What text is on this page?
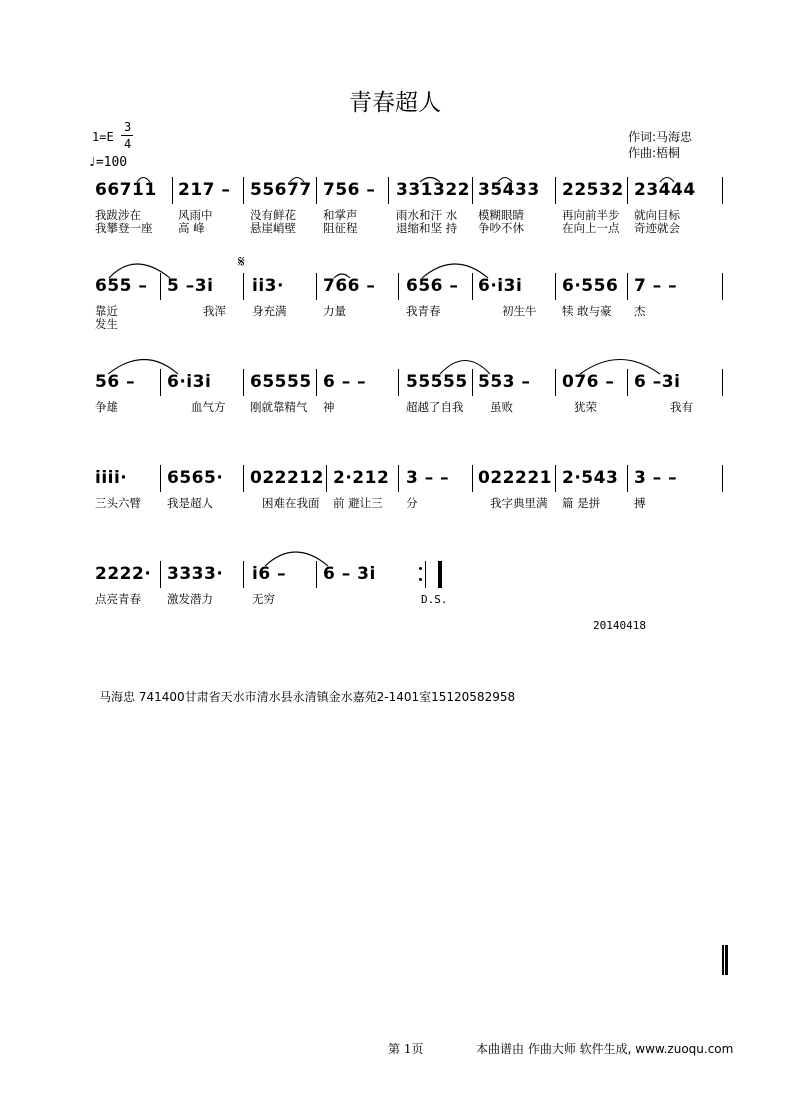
青春超人
1=E
3
4
♩=100
作词:马海忠
作曲:梧桐
66711 217 – 55677 756 – 331322 35433 22532 23444
我跋涉在	风雨中	没有鲜花 和掌声	雨水和汗 水 模糊眼睛	再向前半步 就向目标
我攀登一座 高 峰	悬崖峭壁 阻征程	退缩和坚 持 争吵不休	在向上一点 奇迹就会
𝄋
655 – 5 –3i ii3· 766 – 656 – 6·i3i 6·556 7 – –
靠近	我浑 身充满	力量	我青春	初生牛 犊 敢与豪 杰
发生
56 – 6·i3i 65555 6 – – 55555 553 – 076 – 6 –3i
争雄	血气方 刚就靠精气 神	超越了自我 虽败	犹荣	我有
iiii· 6565· 022212 2·212 3 – – 022221 2·543 3 – –
三头六臂 我是超人	困难在我面 前 避让三 分	我字典里满 篇 是拼	搏
2222· 3333· i6 – 6 – 3i
点亮青春 激发潜力	无穷	D.S.
20140418
马海忠 741400甘肃省天水市清水县永清镇金水嘉苑2-1401室15120582958
第 1页	本曲谱由 作曲大师 软件生成, www.zuoqu.com
